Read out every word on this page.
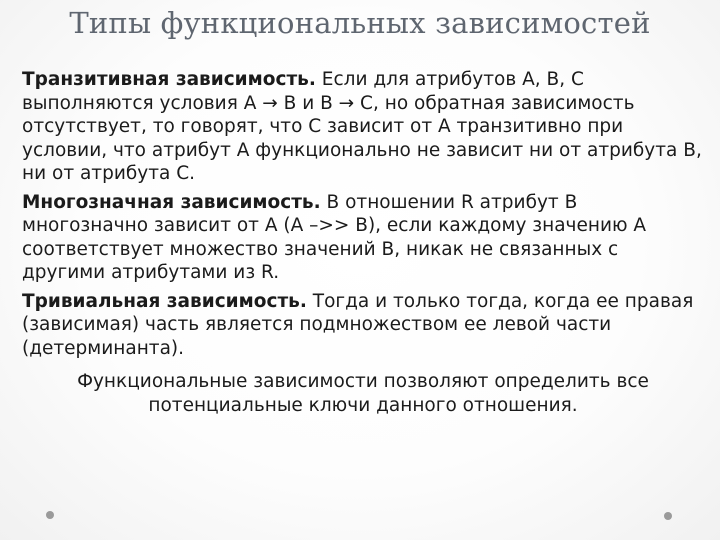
Типы функциональных зависимостей

Транзитивная зависимость. Если для атрибутов A, B, C выполняются условия A → B и B → C, но обратная зависимость отсутствует, то говорят, что C зависит от A транзитивно при условии, что атрибут A функционально не зависит ни от атрибута B, ни от атрибута C.

Многозначная зависимость. В отношении R атрибут B многозначно зависит от A (A –>> B), если каждому значению A соответствует множество значений B, никак не связанных с другими атрибутами из R.

Тривиальная зависимость. Тогда и только тогда, когда ее правая (зависимая) часть является подмножеством ее левой части (детерминанта).

Функциональные зависимости позволяют определить все потенциальные ключи данного отношения.
